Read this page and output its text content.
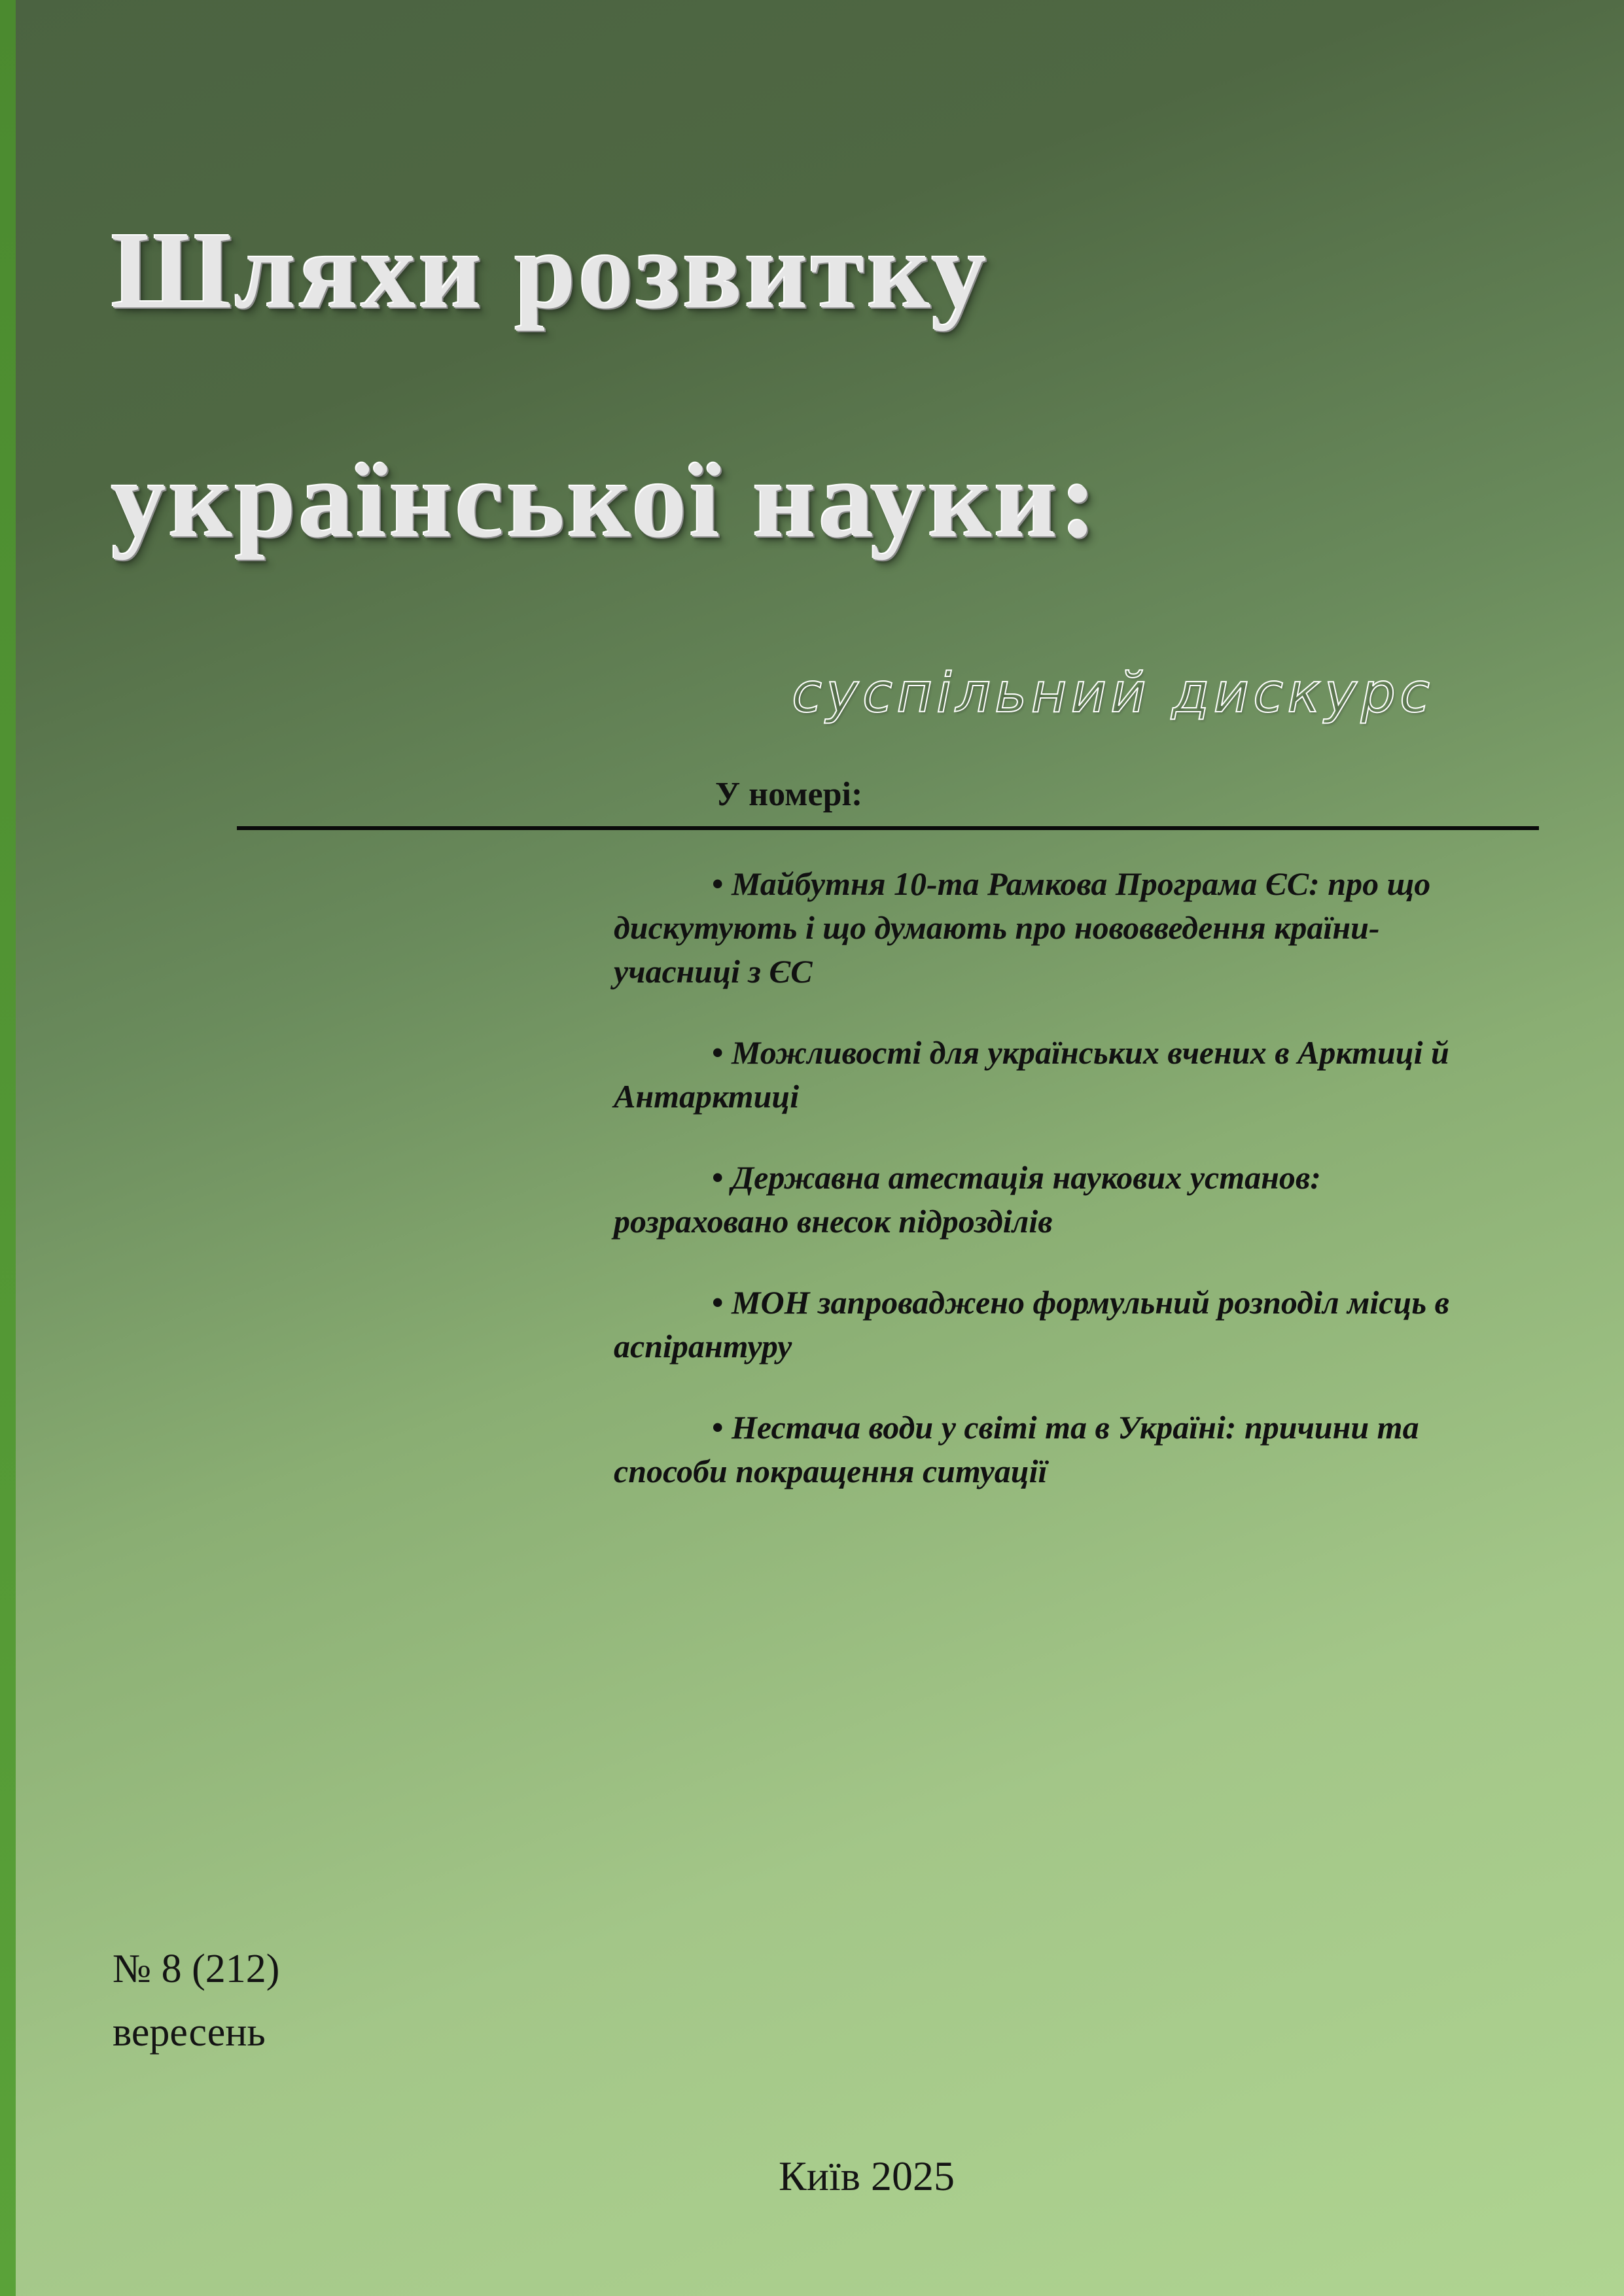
Шляхи розвитку
української науки:
суспільний дискурс
У номері:
• Майбутня 10-та Рамкова Програма ЄС: про що дискутують і що думають про нововведення країни-учасниці з ЄС
• Можливості для українських вчених в Арктиці й Антарктиці
• Державна атестація наукових установ: розраховано внесок підрозділів
• МОН запроваджено формульний розподіл місць в аспірантуру
• Нестача води у світі та в Україні: причини та способи покращення ситуації
№ 8 (212)
вересень
Київ 2025
